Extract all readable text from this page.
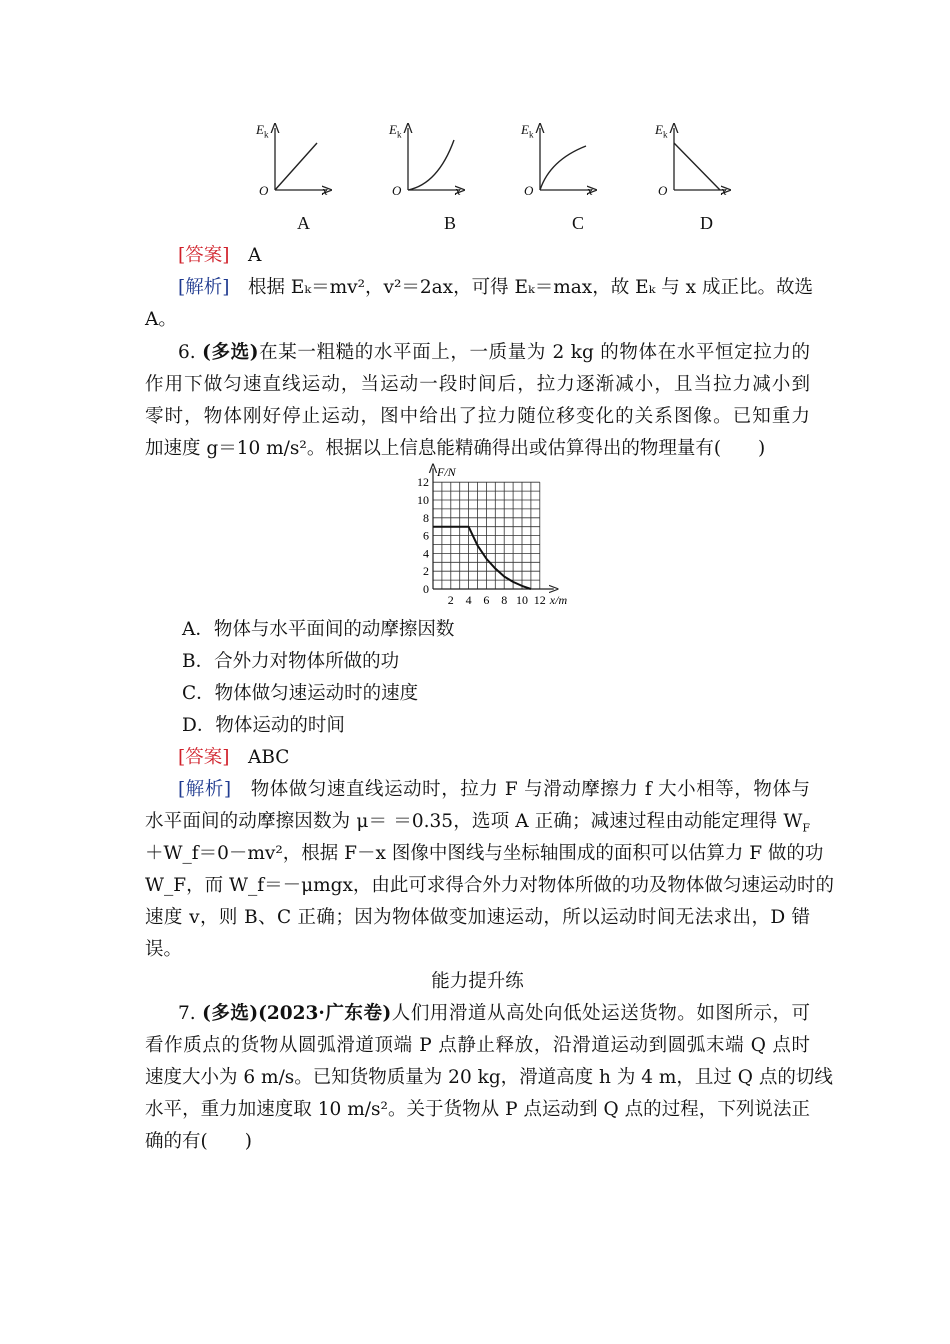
$E_k$
O	x
$E_k$
O	x
$E_k$
O	x
$E_k$
O	x
A	B	C	D
[答案]　 A
[解析]　 根据 Eₖ＝mv²，v²＝2ax，可得 Eₖ＝max，故 Eₖ 与 x 成正比。故选
A。
6. (多选)在某一粗糙的水平面上，一质量为 2 kg 的物体在水平恒定拉力的
作用下做匀速直线运动，当运动一段时间后，拉力逐渐减小，且当拉力减小到
零时，物体刚好停止运动，图中给出了拉力随位移变化的关系图像。已知重力
加速度 g＝10 m/s²。根据以上信息能精确得出或估算得出的物理量有(　　)
0
2
4
6
8
10
12
2 4 6 8 10 12
F/N
x/m
A．物体与水平面间的动摩擦因数
B．合外力对物体所做的功
C．物体做匀速运动时的速度
D．物体运动的时间
[答案]　 ABC
[解析]　 物体做匀速直线运动时，拉力 F 与滑动摩擦力 f 大小相等，物体与
水平面间的动摩擦因数为 μ＝ ＝0.35，选项 A 正确；减速过程由动能定理得 $W_F$
＋W_f＝0－mv²，根据 F－x 图像中图线与坐标轴围成的面积可以估算力 F 做的功
W_F，而 W_f＝－μmgx，由此可求得合外力对物体所做的功及物体做匀速运动时的
速度 v，则 B、C 正确；因为物体做变加速运动，所以运动时间无法求出，D 错
误。
能力提升练
7. (多选)(2023·广东卷)人们用滑道从高处向低处运送货物。如图所示，可
看作质点的货物从圆弧滑道顶端 P 点静止释放，沿滑道运动到圆弧末端 Q 点时
速度大小为 6 m/s。已知货物质量为 20 kg，滑道高度 h 为 4 m，且过 Q 点的切线
水平，重力加速度取 10 m/s²。关于货物从 P 点运动到 Q 点的过程，下列说法正
确的有(　　)
